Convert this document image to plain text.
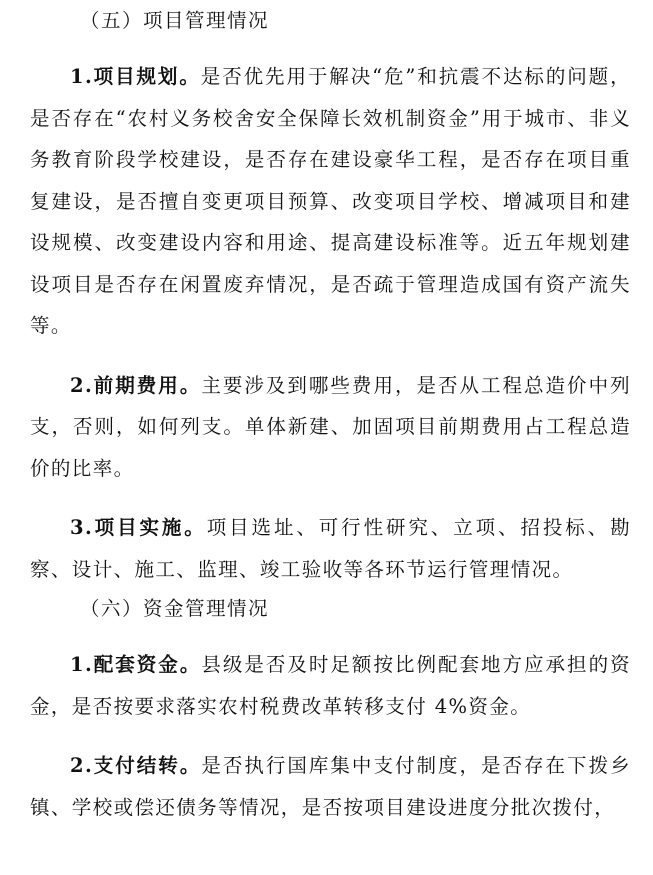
（五）项目管理情况

1.项目规划。是否优先用于解决“危”和抗震不达标的问题，是否存在“农村义务校舍安全保障长效机制资金”用于城市、非义务教育阶段学校建设，是否存在建设豪华工程，是否存在项目重复建设，是否擅自变更项目预算、改变项目学校、增减项目和建设规模、改变建设内容和用途、提高建设标准等。近五年规划建设项目是否存在闲置废弃情况，是否疏于管理造成国有资产流失等。

2.前期费用。主要涉及到哪些费用，是否从工程总造价中列支，否则，如何列支。单体新建、加固项目前期费用占工程总造价的比率。

3.项目实施。项目选址、可行性研究、立项、招投标、勘察、设计、施工、监理、竣工验收等各环节运行管理情况。

（六）资金管理情况

1.配套资金。县级是否及时足额按比例配套地方应承担的资金，是否按要求落实农村税费改革转移支付 4%资金。

2.支付结转。是否执行国库集中支付制度，是否存在下拨乡镇、学校或偿还债务等情况，是否按项目建设进度分批次拨付，
